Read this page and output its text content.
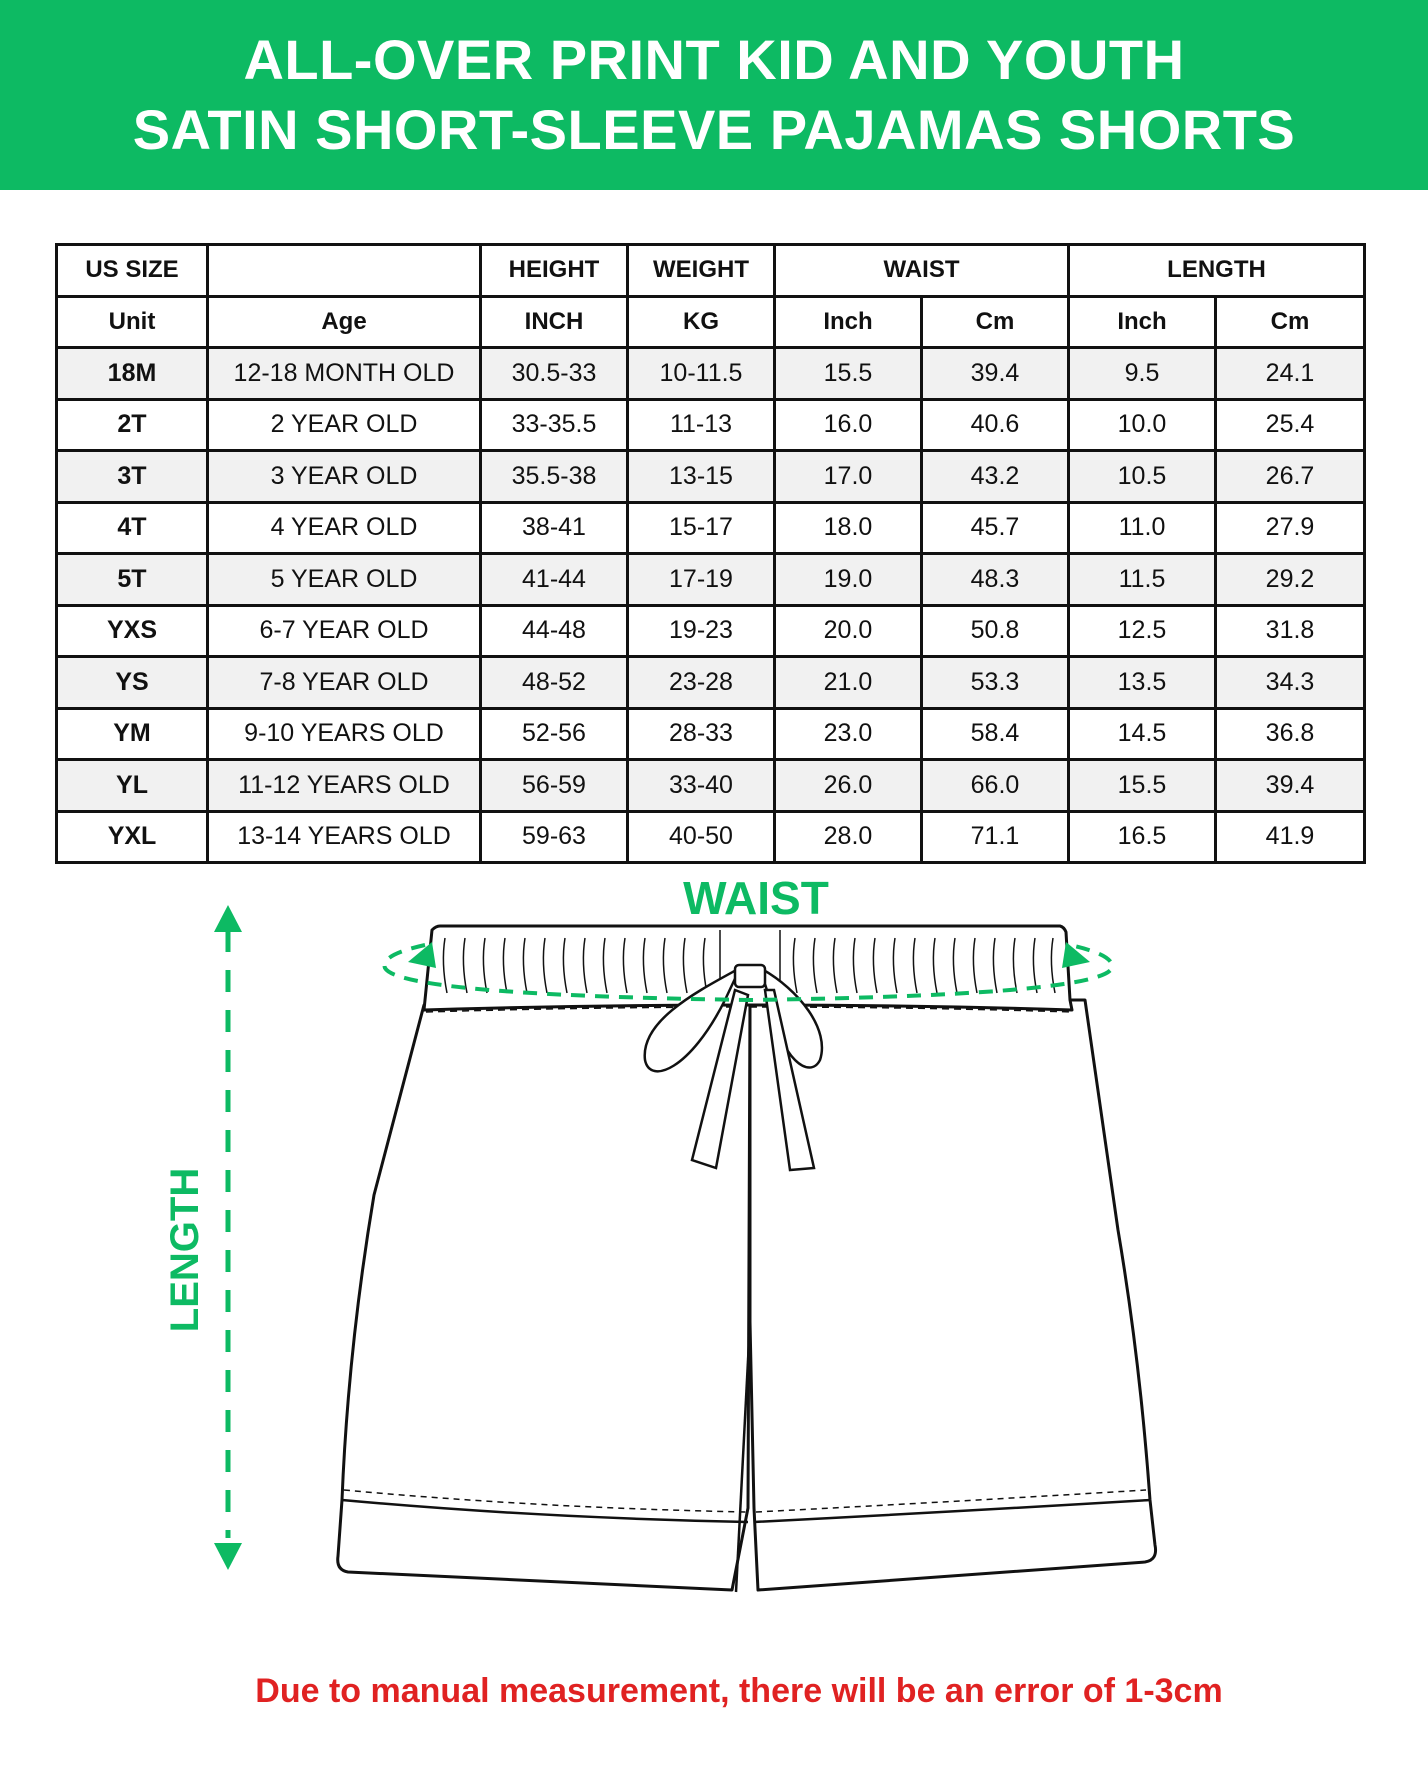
ALL-OVER PRINT KID AND YOUTH
SATIN SHORT-SLEEVE PAJAMAS SHORTS
US SIZE		HEIGHT	WEIGHT	WAIST		LENGTH	
Unit	Age	INCH	KG	Inch	Cm	Inch	Cm
18M	12-18 MONTH OLD	30.5-33	10-11.5	15.5	39.4	9.5	24.1
2T	2 YEAR OLD	33-35.5	11-13	16.0	40.6	10.0	25.4
3T	3 YEAR OLD	35.5-38	13-15	17.0	43.2	10.5	26.7
4T	4 YEAR OLD	38-41	15-17	18.0	45.7	11.0	27.9
5T	5 YEAR OLD	41-44	17-19	19.0	48.3	11.5	29.2
YXS	6-7 YEAR OLD	44-48	19-23	20.0	50.8	12.5	31.8
YS	7-8 YEAR OLD	48-52	23-28	21.0	53.3	13.5	34.3
YM	9-10 YEARS OLD	52-56	28-33	23.0	58.4	14.5	36.8
YL	11-12 YEARS OLD	56-59	33-40	26.0	66.0	15.5	39.4
YXL	13-14 YEARS OLD	59-63	40-50	28.0	71.1	16.5	41.9
WAIST
LENGTH
Due to manual measurement, there will be an error of 1-3cm
